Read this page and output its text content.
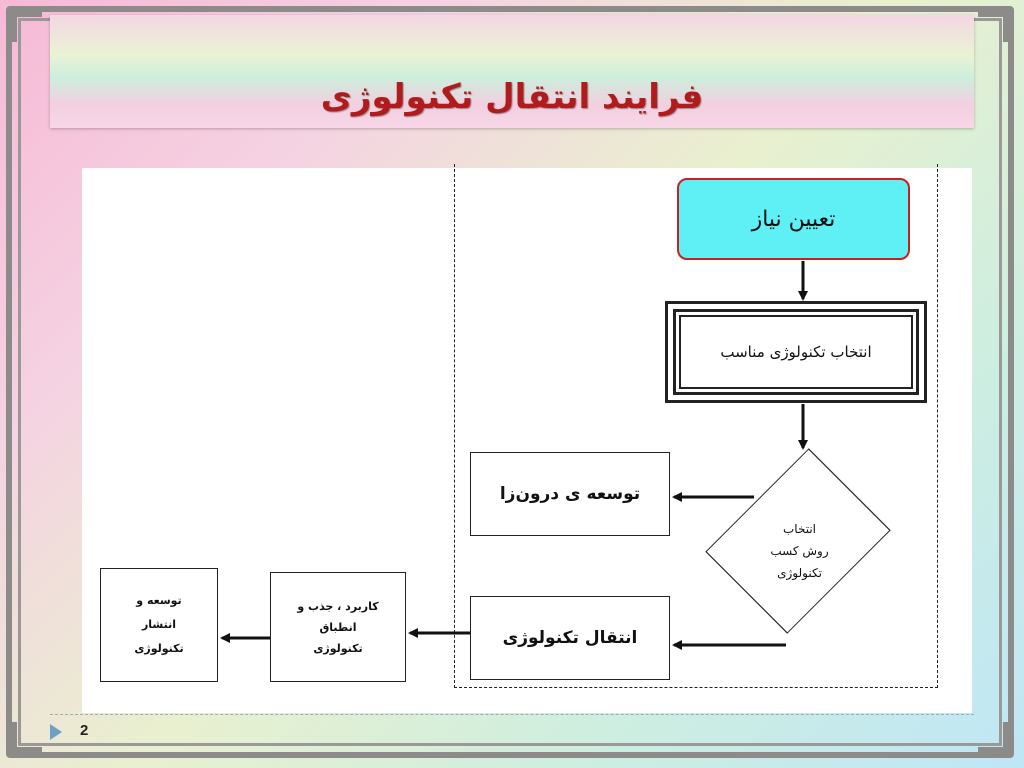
فرایند انتقال تکنولوژی
تعیین نیاز
انتخاب تکنولوژی مناسب
انتخاب
روش کسب
تکنولوژی
توسعه ی درون‌زا
انتقال تکنولوژی
کاربرد ، جذب و
انطباق
تکنولوژی
توسعه و
انتشار
تکنولوژی
2
